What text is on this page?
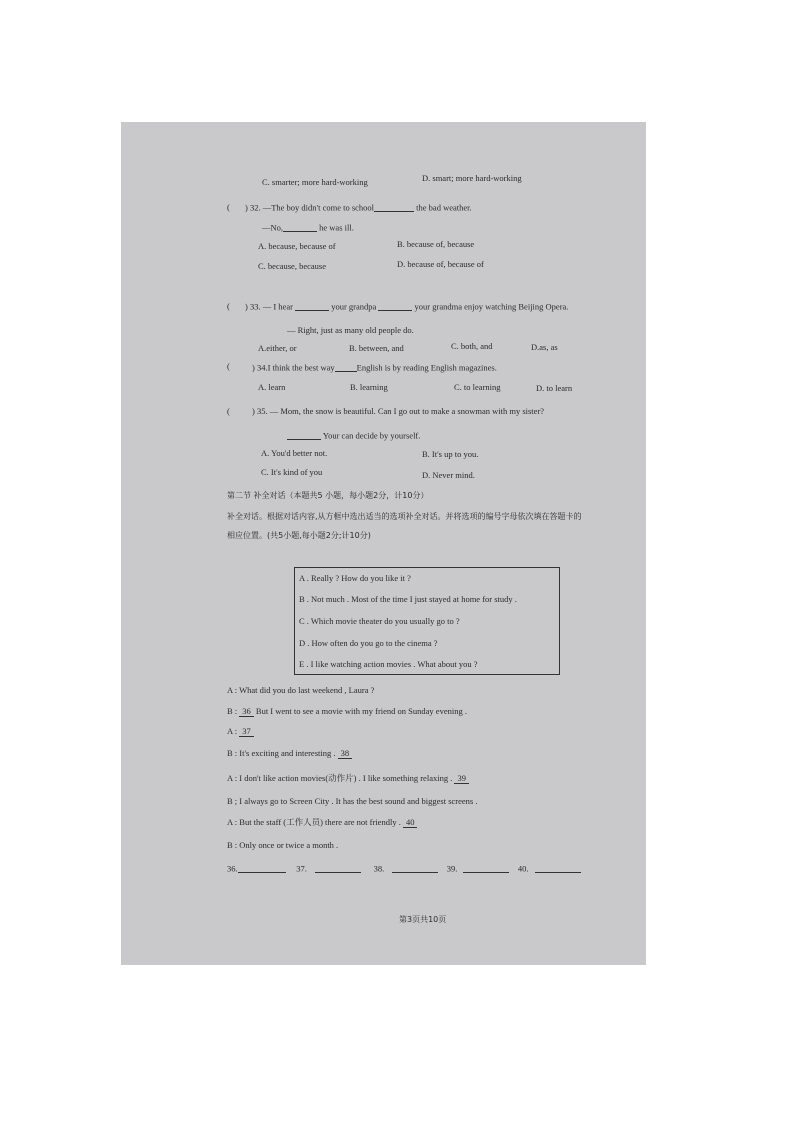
C. smarter; more hard-working	D. smart; more hard-working
( ) 32. —The boy didn't come to school	the bad weather.
—No,	he was ill.
A. because, because of	B. because of, because
C. because, because	D. because of, because of
( ) 33. — I hear	your grandpa	your grandma enjoy watching Beijing Opera.
— Right, just as many old people do.
A.either, or	B. between, and	C. both, and	D.as, as
(	) 34.I think the best way	English is by reading English magazines.
A. learn	B. learning	C. to learning	D. to learn
(	) 35. — Mom, the snow is beautiful. Can I go out to make a snowman with my sister?
Your can decide by yourself.
A. You'd better not.	B. It's up to you.
C. It's kind of you	D. Never mind.
第二节 补全对话（本题共5 小题，每小题2分，计10分）
补全对话。根据对话内容,从方框中选出适当的选项补全对话。并将选项的编号字母依次填在答题卡的
相应位置。(共5小题,每小题2分;计10分)
A . Really ? How do you like it ?
B . Not much . Most of the time I just stayed at home for study .
C . Which movie theater do you usually go to ?
D . How often do you go to the cinema ?
E . I like watching action movies . What about you ?
A : What did you do last weekend , Laura ?
B : 36 But I went to see a movie with my friend on Sunday evening .
A : 37
B : It's exciting and interesting . 38
A : I don't like action movies(动作片) . I like something relaxing . 39
B ; I always go to Screen City . It has the best sound and biggest screens .
A : But the staff (工作人员) there are not friendly . 40
B : Only once or twice a month .
36.	37.	38.	39.	40.
第3页共10页
